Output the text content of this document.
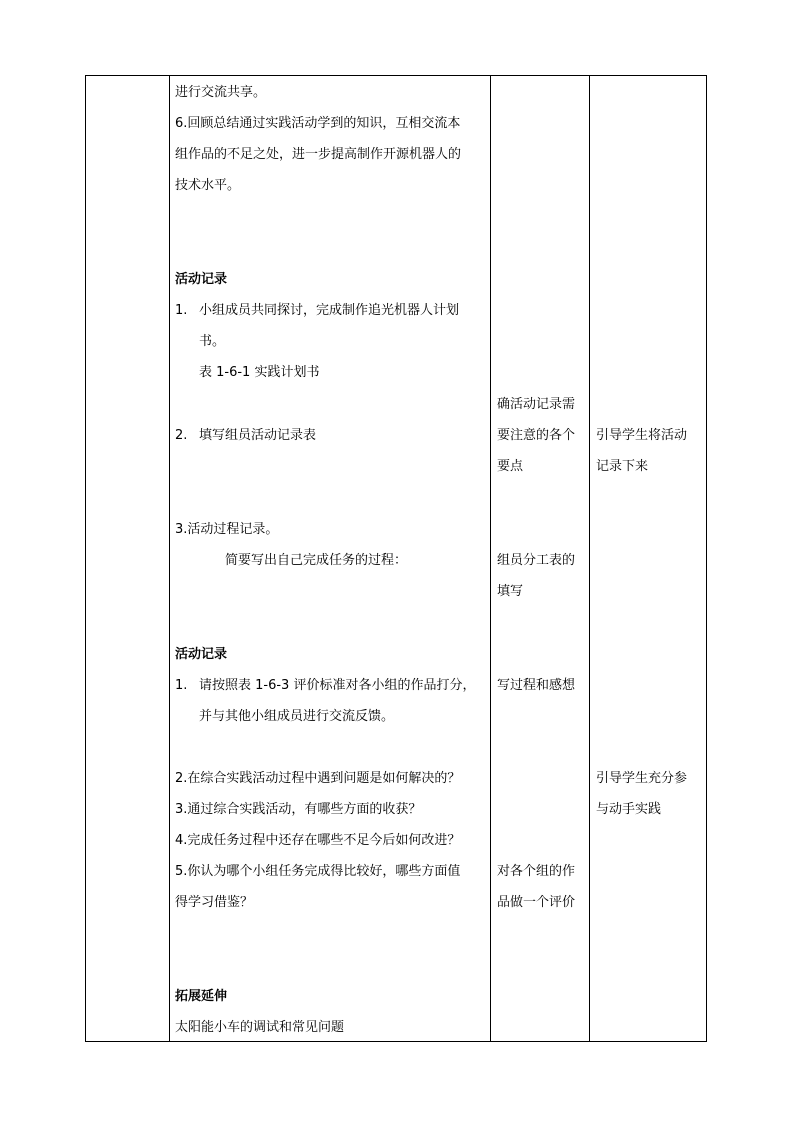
进行交流共享。
6.回顾总结通过实践活动学到的知识，互相交流本
组作品的不足之处，进一步提高制作开源机器人的
技术水平。
活动记录
1. 小组成员共同探讨，完成制作追光机器人计划
书。
表 1-6-1 实践计划书
2. 填写组员活动记录表
3.活动过程记录。
简要写出自己完成任务的过程：
活动记录
1. 请按照表 1-6-3 评价标准对各小组的作品打分，
并与其他小组成员进行交流反馈。
2.在综合实践活动过程中遇到问题是如何解决的？
3.通过综合实践活动，有哪些方面的收获？
4.完成任务过程中还存在哪些不足今后如何改进？
5.你认为哪个小组任务完成得比较好，哪些方面值
得学习借鉴？
拓展延伸
太阳能小车的调试和常见问题
确活动记录需
要注意的各个
要点
组员分工表的
填写
写过程和感想
对各个组的作
品做一个评价
引导学生将活动
记录下来
引导学生充分参
与动手实践
